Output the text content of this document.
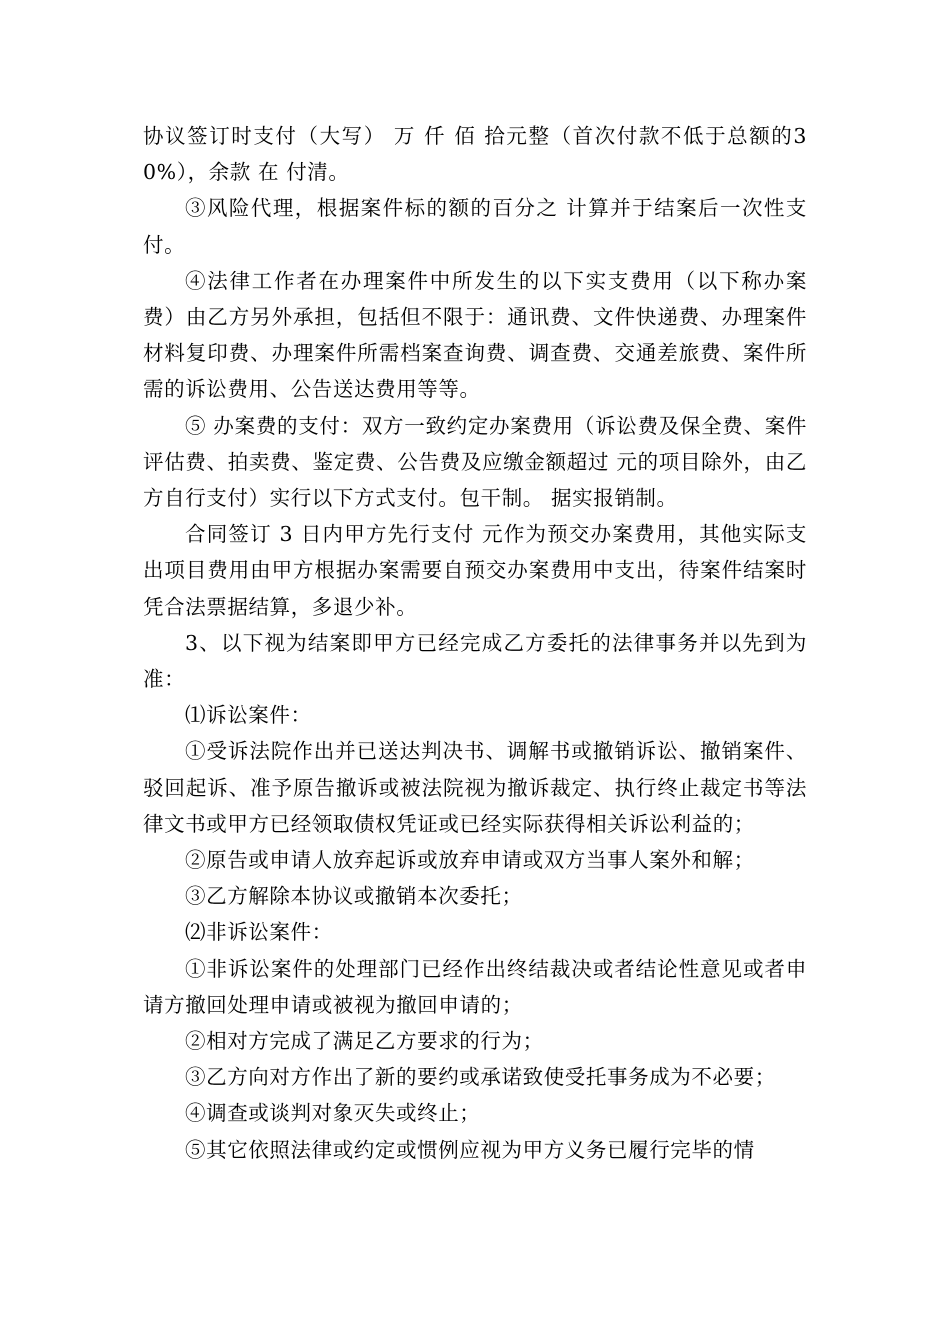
协议签订时支付（大写） 万 仟 佰 拾元整（首次付款不低于总额的30%），余款 在 付清。

③风险代理，根据案件标的额的百分之 计算并于结案后一次性支付。

④法律工作者在办理案件中所发生的以下实支费用（以下称办案费）由乙方另外承担，包括但不限于：通讯费、文件快递费、办理案件材料复印费、办理案件所需档案查询费、调查费、交通差旅费、案件所需的诉讼费用、公告送达费用等等。

⑤ 办案费的支付：双方一致约定办案费用（诉讼费及保全费、案件评估费、拍卖费、鉴定费、公告费及应缴金额超过 元的项目除外，由乙方自行支付）实行以下方式支付。包干制。 据实报销制。

合同签订 3 日内甲方先行支付 元作为预交办案费用，其他实际支出项目费用由甲方根据办案需要自预交办案费用中支出，待案件结案时凭合法票据结算，多退少补。

3、以下视为结案即甲方已经完成乙方委托的法律事务并以先到为准：

⑴诉讼案件：

①受诉法院作出并已送达判决书、调解书或撤销诉讼、撤销案件、驳回起诉、准予原告撤诉或被法院视为撤诉裁定、执行终止裁定书等法律文书或甲方已经领取债权凭证或已经实际获得相关诉讼利益的；

②原告或申请人放弃起诉或放弃申请或双方当事人案外和解；

③乙方解除本协议或撤销本次委托；

⑵非诉讼案件：

①非诉讼案件的处理部门已经作出终结裁决或者结论性意见或者申请方撤回处理申请或被视为撤回申请的；

②相对方完成了满足乙方要求的行为；

③乙方向对方作出了新的要约或承诺致使受托事务成为不必要；

④调查或谈判对象灭失或终止；

⑤其它依照法律或约定或惯例应视为甲方义务已履行完毕的情
